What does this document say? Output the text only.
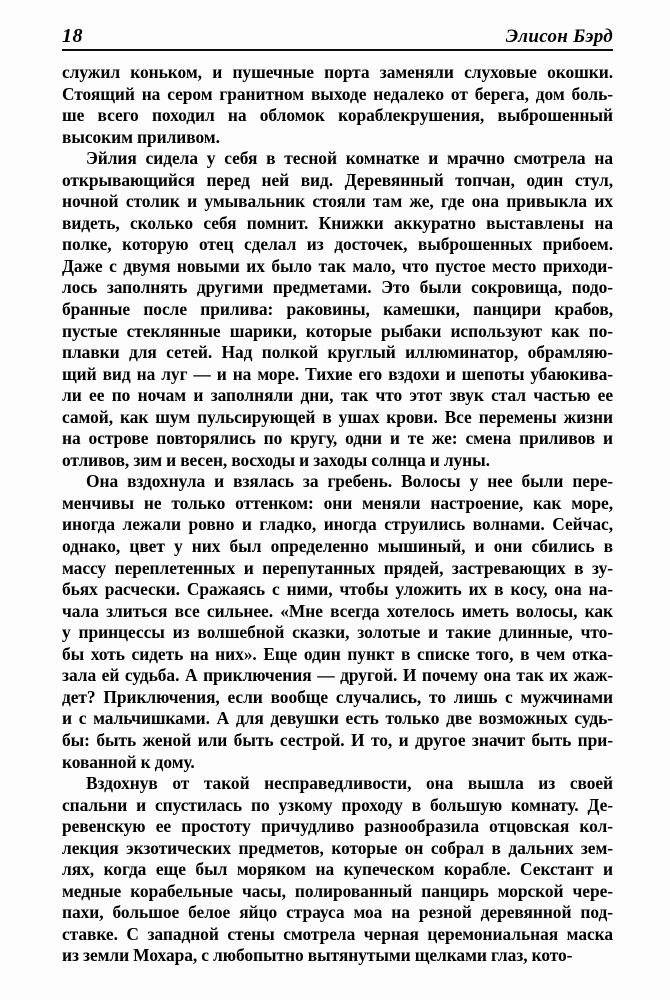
18	Элисон Бэрд

служил коньком, и пушечные порта заменяли слуховые окошки.
Стоящий на сером гранитном выходе недалеко от берега, дом боль-
ше всего походил на обломок кораблекрушения, выброшенный
высоким приливом.

Эйлия сидела у себя в тесной комнатке и мрачно смотрела на
открывающийся перед ней вид. Деревянный топчан, один стул,
ночной столик и умывальник стояли там же, где она привыкла их
видеть, сколько себя помнит. Книжки аккуратно выставлены на
полке, которую отец сделал из досточек, выброшенных прибоем.
Даже с двумя новыми их было так мало, что пустое место приходи-
лось заполнять другими предметами. Это были сокровища, подо-
бранные после прилива: раковины, камешки, панцири крабов,
пустые стеклянные шарики, которые рыбаки используют как по-
плавки для сетей. Над полкой круглый иллюминатор, обрамляю-
щий вид на луг — и на море. Тихие его вздохи и шепоты убаюкива-
ли ее по ночам и заполняли дни, так что этот звук стал частью ее
самой, как шум пульсирующей в ушах крови. Все перемены жизни
на острове повторялись по кругу, одни и те же: смена приливов и
отливов, зим и весен, восходы и заходы солнца и луны.

Она вздохнула и взялась за гребень. Волосы у нее были пере-
менчивы не только оттенком: они меняли настроение, как море,
иногда лежали ровно и гладко, иногда струились волнами. Сейчас,
однако, цвет у них был определенно мышиный, и они сбились в
массу переплетенных и перепутанных прядей, застревающих в зу-
бьях расчески. Сражаясь с ними, чтобы уложить их в косу, она на-
чала злиться все сильнее. «Мне всегда хотелось иметь волосы, как
у принцессы из волшебной сказки, золотые и такие длинные, что-
бы хоть сидеть на них». Еще один пункт в списке того, в чем отка-
зала ей судьба. А приключения — другой. И почему она так их жаж-
дет? Приключения, если вообще случались, то лишь с мужчинами
и с мальчишками. А для девушки есть только две возможных судь-
бы: быть женой или быть сестрой. И то, и другое значит быть при-
кованной к дому.

Вздохнув от такой несправедливости, она вышла из своей
спальни и спустилась по узкому проходу в большую комнату. Де-
ревенскую ее простоту причудливо разнообразила отцовская кол-
лекция экзотических предметов, которые он собрал в дальних зем-
лях, когда еще был моряком на купеческом корабле. Секстант и
медные корабельные часы, полированный панцирь морской чере-
пахи, большое белое яйцо страуса моа на резной деревянной под-
ставке. С западной стены смотрела черная церемониальная маска
из земли Мохара, с любопытно вытянутыми щелками глаз, кото-
